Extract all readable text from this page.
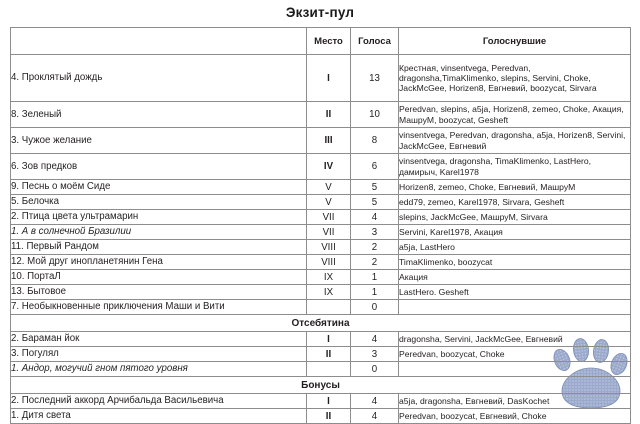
Экзит-пул
	Место	Голоса	Голоснувшие
4. Проклятый дождь	I	13	Крестная, vinsentvega, Peredvan, dragonsha,TimaKlimenko, slepins, Servini, Choke, JackMcGee, Horizen8, Евгневий, boozycat, Sirvara
8. Зеленый	II	10	Peredvan, slepins, a5ja, Horizen8, zemeo, Choke, Акация, МашруМ, boozycat, Gesheft
3. Чужое желание	III	8	vinsentvega, Peredvan, dragonsha, a5ja, Horizen8, Servini, JackMcGee, Евгневий
6. Зов предков	IV	6	vinsentvega, dragonsha, TimaKlimenko, LastHero, дамирыч, Karel1978
9. Песнь о моём Сиде	V	5	Horizen8, zemeo, Choke, Евгневий, МашруМ
5. Белочка	V	5	edd79, zemeo, Karel1978, Sirvara, Gesheft
2. Птица цвета ультрамарин	VII	4	slepins, JackMcGee, МашруМ, Sirvara
1. А в солнечной Бразилии	VII	3	Servini, Karel1978, Акация
11. Первый Рандом	VIII	2	a5ja, LastHero
12. Мой друг инопланетянин Гена	VIII	2	TimaKlimenko, boozycat
10. ПортаЛ	IX	1	Акация
13. Бытовое	IX	1	LastHero. Gesheft
7. Необыкновенные приключения Маши и Вити		0	
Отсебятина			
2. Бараман йок	I	4	dragonsha, Servini, JackMcGee, Евгневий
3. Погулял	II	3	Peredvan, boozycat, Choke
1. Андор, могучий гном пятого уровня		0	
Бонусы			
2. Последний аккорд Арчибальда Васильевича	I	4	a5ja, dragonsha, Евгневий, DasKochet
1. Дитя света	II	4	Peredvan, boozycat, Евгневий, Choke
